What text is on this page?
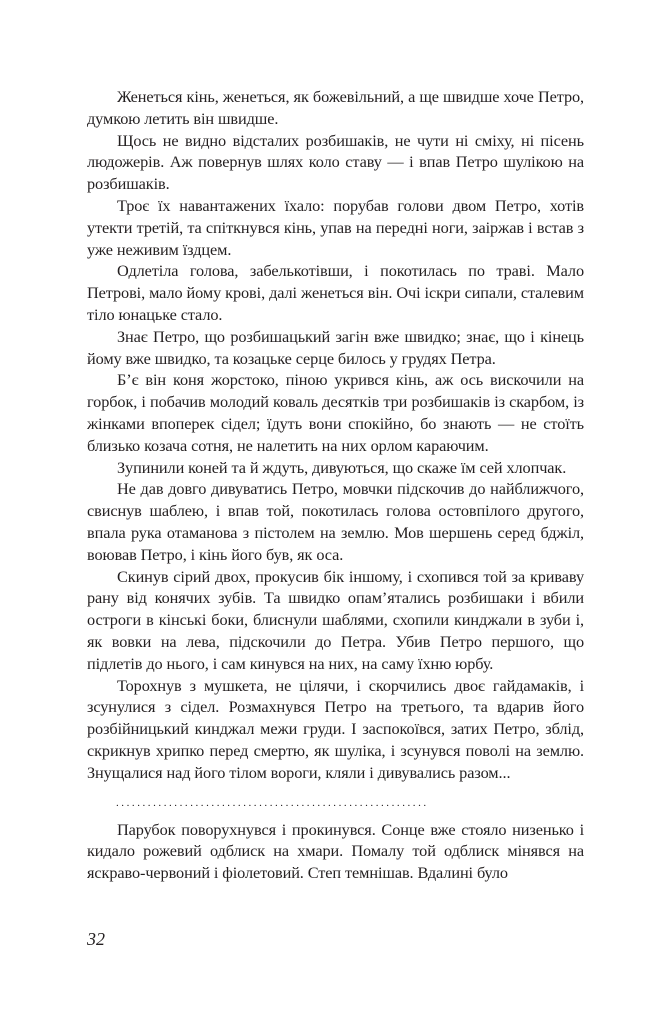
Женеться кінь, женеться, як божевільний, а ще швидше хоче Петро, думкою летить він швидше.

Щось не видно відсталих розбишаків, не чути ні сміху, ні пісень людожерів. Аж повернув шлях коло ставу — і впав Петро шулікою на розбишаків.

Троє їх навантажених їхало: порубав голови двом Петро, хотів утекти третій, та спіткнувся кінь, упав на передні ноги, заіржав і встав з уже неживим їздцем.

Одлетіла голова, забелькотівши, і покотилась по траві. Мало Петрові, мало йому крові, далі женеться він. Очі іскри сипали, сталевим тіло юнацьке стало.

Знає Петро, що розбишацький загін вже швидко; знає, що і кінець йому вже швидко, та козацьке серце билось у грудях Петра.

Б’є він коня жорстоко, піною укрився кінь, аж ось вискочили на горбок, і побачив молодий коваль десятків три розбишаків із скарбом, із жінками впоперек сідел; їдуть вони спокійно, бо знають — не стоїть близько козача сотня, не налетить на них орлом караючим.

Зупинили коней та й ждуть, дивуються, що скаже їм сей хлопчак.

Не дав довго дивуватись Петро, мовчки підскочив до найближчого, свиснув шаблею, і впав той, покотилась голова остовпілого другого, впала рука отаманова з пістолем на землю. Мов шершень серед бджіл, воював Петро, і кінь його був, як оса.

Скинув сірий двох, прокусив бік іншому, і схопився той за криваву рану від конячих зубів. Та швидко опам’ятались розбишаки і вбили остроги в кінські боки, блиснули шаблями, схопили кинджали в зуби і, як вовки на лева, підскочили до Петра. Убив Петро першого, що підлетів до нього, і сам кинувся на них, на саму їхню юрбу.

Торохнув з мушкета, не цілячи, і скорчились двоє гайдамаків, і зсунулися з сідел. Розмахнувся Петро на третього, та вдарив його розбійницький кинджал межи груди. І заспокоївся, затих Петро, зблід, скрикнув хрипко перед смертю, як шуліка, і зсунувся поволі на землю. Знущалися над його тілом вороги, кляли і дивувались разом...

...........................................................

Парубок поворухнувся і прокинувся. Сонце вже стояло низенько і кидало рожевий одблиск на хмари. Помалу той одблиск мінявся на яскраво-червоний і фіолетовий. Степ темнішав. Вдалині було

32
